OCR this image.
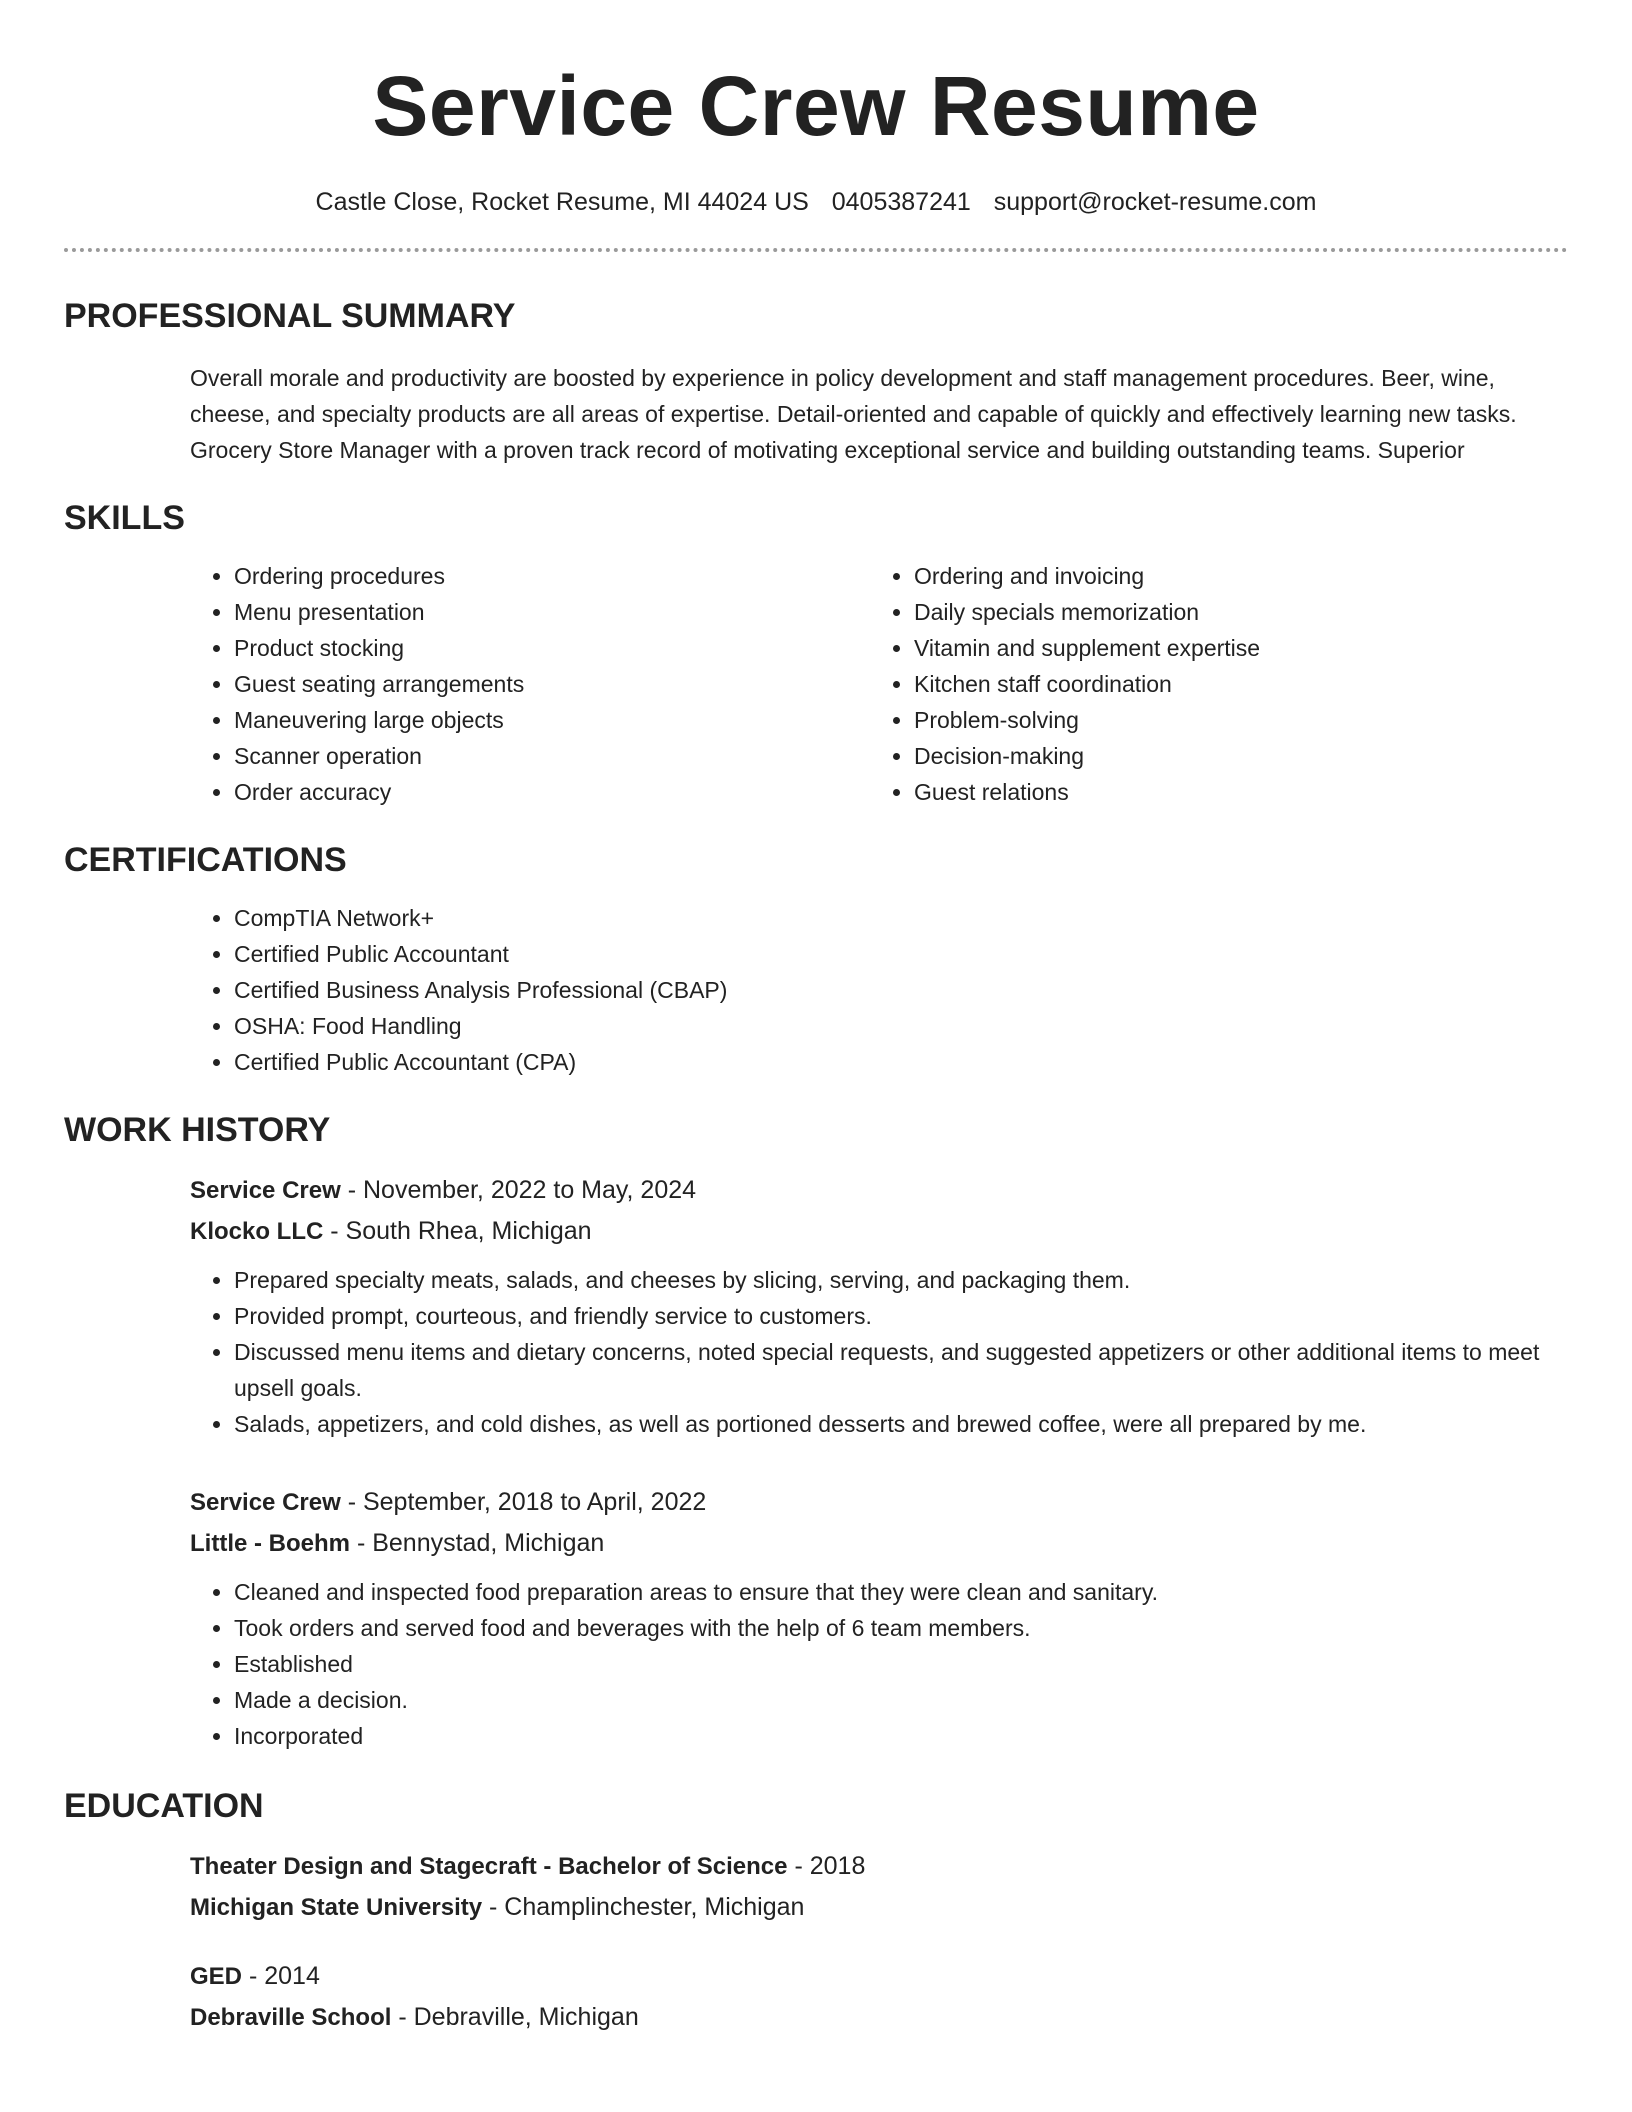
Service Crew Resume
Castle Close, Rocket Resume, MI 44024 US 0405387241 support@rocket-resume.com
PROFESSIONAL SUMMARY
Overall morale and productivity are boosted by experience in policy development and staff management procedures. Beer, wine, cheese, and specialty products are all areas of expertise. Detail-oriented and capable of quickly and effectively learning new tasks. Grocery Store Manager with a proven track record of motivating exceptional service and building outstanding teams. Superior
SKILLS
• Ordering procedures
• Menu presentation
• Product stocking
• Guest seating arrangements
• Maneuvering large objects
• Scanner operation
• Order accuracy
• Ordering and invoicing
• Daily specials memorization
• Vitamin and supplement expertise
• Kitchen staff coordination
• Problem-solving
• Decision-making
• Guest relations
CERTIFICATIONS
• CompTIA Network+
• Certified Public Accountant
• Certified Business Analysis Professional (CBAP)
• OSHA: Food Handling
• Certified Public Accountant (CPA)
WORK HISTORY
Service Crew - November, 2022 to May, 2024
Klocko LLC - South Rhea, Michigan
• Prepared specialty meats, salads, and cheeses by slicing, serving, and packaging them.
• Provided prompt, courteous, and friendly service to customers.
• Discussed menu items and dietary concerns, noted special requests, and suggested appetizers or other additional items to meet upsell goals.
• Salads, appetizers, and cold dishes, as well as portioned desserts and brewed coffee, were all prepared by me.
Service Crew - September, 2018 to April, 2022
Little - Boehm - Bennystad, Michigan
• Cleaned and inspected food preparation areas to ensure that they were clean and sanitary.
• Took orders and served food and beverages with the help of 6 team members.
• Established
• Made a decision.
• Incorporated
EDUCATION
Theater Design and Stagecraft - Bachelor of Science - 2018
Michigan State University - Champlinchester, Michigan
GED - 2014
Debraville School - Debraville, Michigan
